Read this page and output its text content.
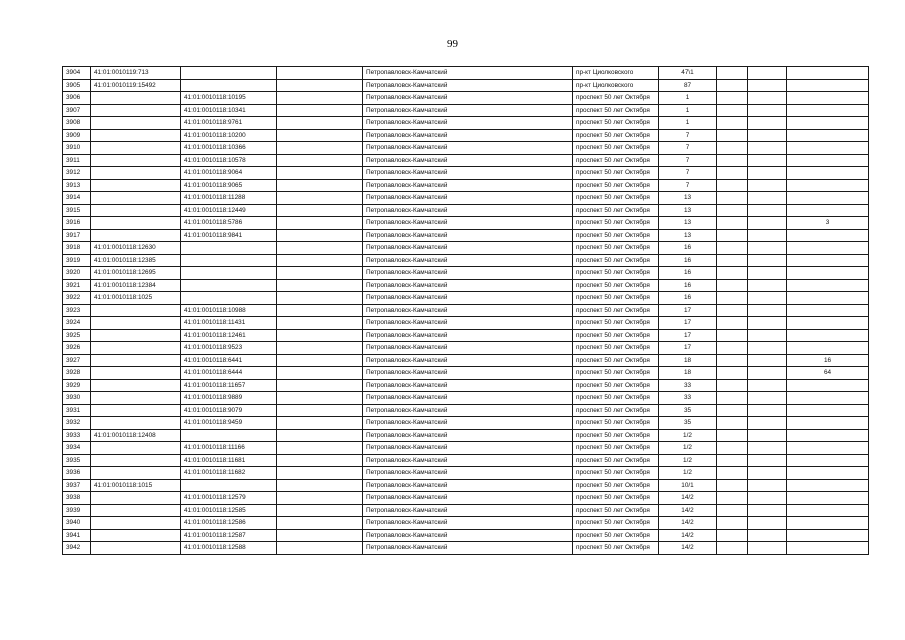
99
3904	41:01:0010119:713			Петропавловск-Камчатский	пр-кт Циолковского	47\1			
3905	41:01:0010119:15492			Петропавловск-Камчатский	пр-кт Циолковского	87			
3906		41:01:0010118:10195		Петропавловск-Камчатский	проспект 50 лет Октября	1			
3907		41:01:0010118:10341		Петропавловск-Камчатский	проспект 50 лет Октября	1			
3908		41:01:0010118:9761		Петропавловск-Камчатский	проспект 50 лет Октября	1			
3909		41:01:0010118:10200		Петропавловск-Камчатский	проспект 50 лет Октября	7			
3910		41:01:0010118:10366		Петропавловск-Камчатский	проспект 50 лет Октября	7			
3911		41:01:0010118:10578		Петропавловск-Камчатский	проспект 50 лет Октября	7			
3912		41:01:0010118:9064		Петропавловск-Камчатский	проспект 50 лет Октября	7			
3913		41:01:0010118:9065		Петропавловск-Камчатский	проспект 50 лет Октября	7			
3914		41:01:0010118:11288		Петропавловск-Камчатский	проспект 50 лет Октября	13			
3915		41:01:0010118:12449		Петропавловск-Камчатский	проспект 50 лет Октября	13			
3916		41:01:0010118:5786		Петропавловск-Камчатский	проспект 50 лет Октября	13			3
3917		41:01:0010118:9841		Петропавловск-Камчатский	проспект 50 лет Октября	13			
3918	41:01:0010118:12630			Петропавловск-Камчатский	проспект 50 лет Октября	16			
3919	41:01:0010118:12385			Петропавловск-Камчатский	проспект 50 лет Октября	16			
3920	41:01:0010118:12695			Петропавловск-Камчатский	проспект 50 лет Октября	16			
3921	41:01:0010118:12384			Петропавловск-Камчатский	проспект 50 лет Октября	16			
3922	41:01:0010118:1025			Петропавловск-Камчатский	проспект 50 лет Октября	16			
3923		41:01:0010118:10988		Петропавловск-Камчатский	проспект 50 лет Октября	17			
3924		41:01:0010118:11431		Петропавловск-Камчатский	проспект 50 лет Октября	17			
3925		41:01:0010118:12461		Петропавловск-Камчатский	проспект 50 лет Октября	17			
3926		41:01:0010118:9523		Петропавловск-Камчатский	проспект 50 лет Октября	17			
3927		41:01:0010118:6441		Петропавловск-Камчатский	проспект 50 лет Октября	18			16
3928		41:01:0010118:6444		Петропавловск-Камчатский	проспект 50 лет Октября	18			64
3929		41:01:0010118:11657		Петропавловск-Камчатский	проспект 50 лет Октября	33			
3930		41:01:0010118:9889		Петропавловск-Камчатский	проспект 50 лет Октября	33			
3931		41:01:0010118:9079		Петропавловск-Камчатский	проспект 50 лет Октября	35			
3932		41:01:0010118:9459		Петропавловск-Камчатский	проспект 50 лет Октября	35			
3933	41:01:0010118:12408			Петропавловск-Камчатский	проспект 50 лет Октября	1/2			
3934		41:01:0010118:11166		Петропавловск-Камчатский	проспект 50 лет Октября	1/2			
3935		41:01:0010118:11681		Петропавловск-Камчатский	проспект 50 лет Октября	1/2			
3936		41:01:0010118:11682		Петропавловск-Камчатский	проспект 50 лет Октября	1/2			
3937	41:01:0010118:1015			Петропавловск-Камчатский	проспект 50 лет Октября	10/1			
3938		41:01:0010118:12579		Петропавловск-Камчатский	проспект 50 лет Октября	14/2			
3939		41:01:0010118:12585		Петропавловск-Камчатский	проспект 50 лет Октября	14/2			
3940		41:01:0010118:12586		Петропавловск-Камчатский	проспект 50 лет Октября	14/2			
3941		41:01:0010118:12587		Петропавловск-Камчатский	проспект 50 лет Октября	14/2			
3942		41:01:0010118:12588		Петропавловск-Камчатский	проспект 50 лет Октября	14/2			
